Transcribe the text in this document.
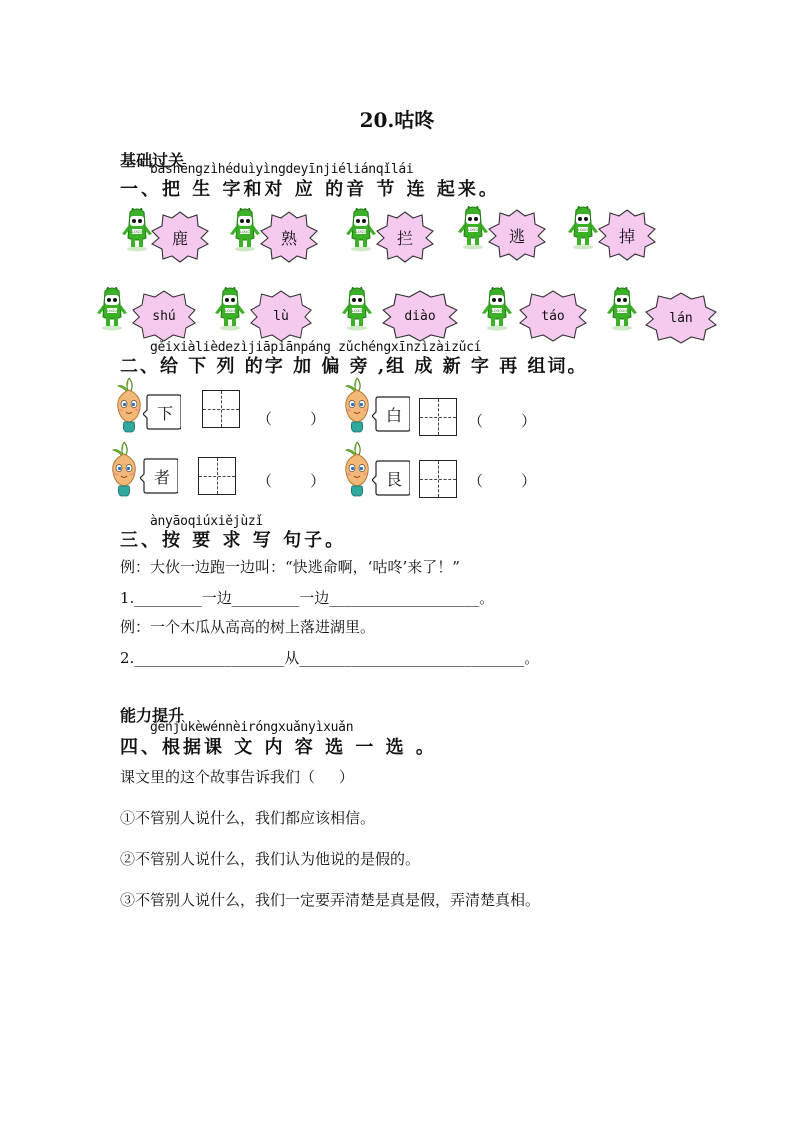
20.咕咚
基础过关
bǎshēngzìhéduìyìngdeyīnjiéliánqǐlái
一、把 生 字和对 应 的音 节 连 起来。
鹿	熟	拦	逃	掉
shú	lù	diào	táo	lán
gěixiàlièdezìjiāpiānpáng zǔchéngxīnzìzàizǔcí
二、给 下 列 的字 加 偏 旁 ,组 成 新 字 再 组词。
下	（        ）	白	（        ）
者	（        ）	艮	（        ）
ànyāoqiúxiějùzǐ
三、按 要 求 写 句子。
例：大伙一边跑一边叫：“快逃命啊，‘咕咚’来了！”
1._________一边_________一边____________________。
例：一个木瓜从高高的树上落进湖里。
2.____________________从______________________________。
能力提升
gēnjùkèwénnèiróngxuǎnyìxuǎn
四、根据课 文 内 容 选 一 选 。
课文里的这个故事告诉我们（     ）
①不管别人说什么，我们都应该相信。
②不管别人说什么，我们认为他说的是假的。
③不管别人说什么，我们一定要弄清楚是真是假，弄清楚真相。
